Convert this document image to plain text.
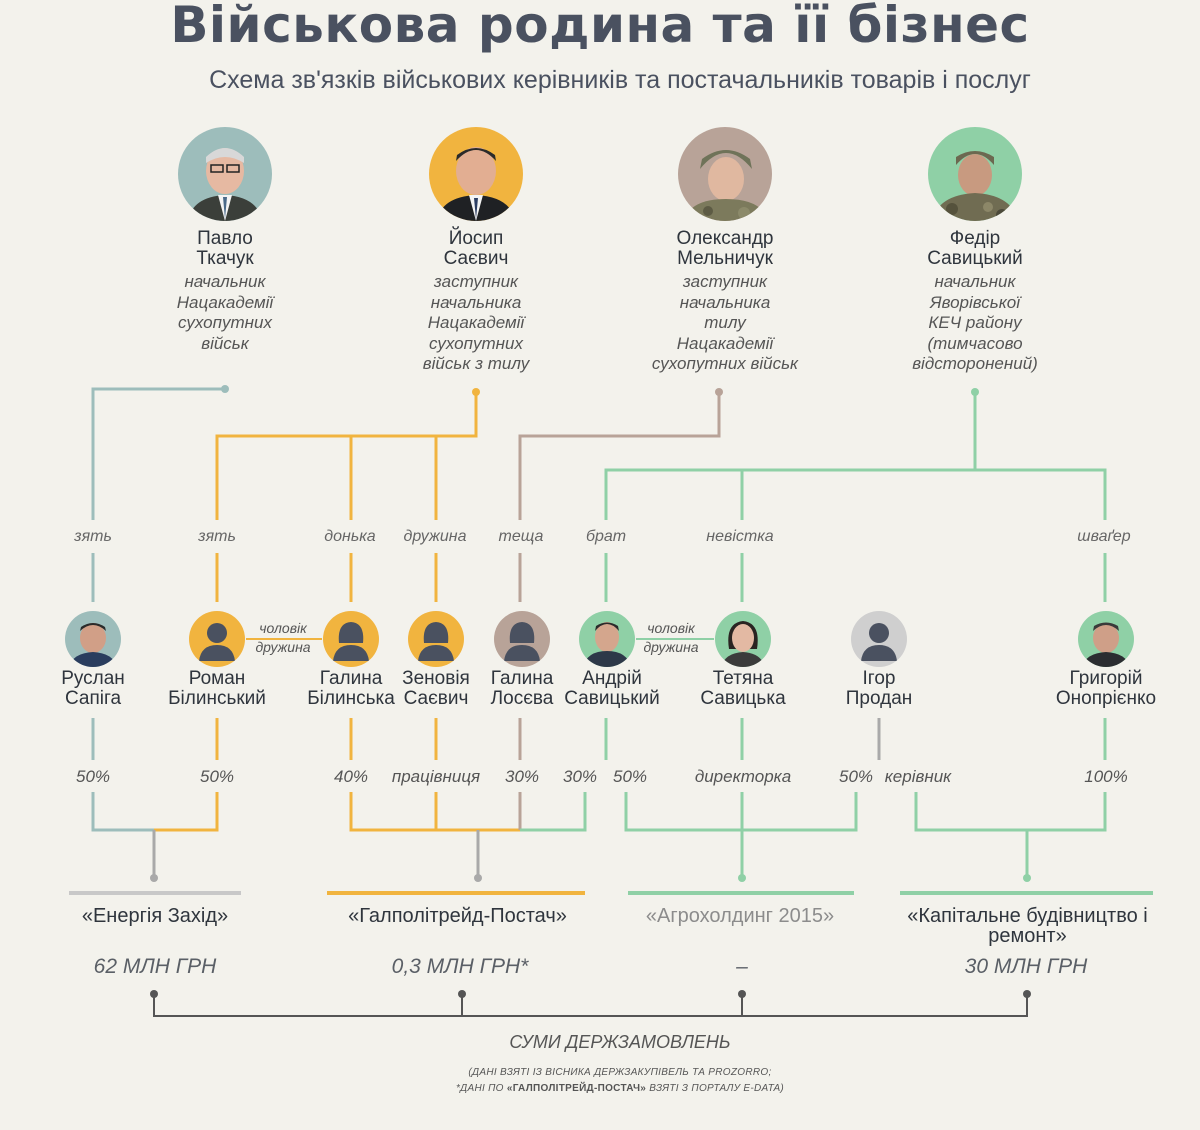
Військова родина та її бізнес
Схема зв'язків військових керівників та постачальників товарів і послуг
Павло
Ткачук
Йосип
Саєвич
Олександр
Мельничук
Федір
Савицький
начальник
Нацакадемії
сухопутних
військ
заступник
начальника
Нацакадемії
сухопутних
військ з тилу
заступник
начальника
тилу
Нацакадемії
сухопутних військ
начальник
Яворівської
КЕЧ району
(тимчасово
відсторонений)
зять	зять	донька	дружина	теща	брат	невістка	шваґер
чоловік
дружина
чоловік
дружина
Руслан
Сапіга
Роман
Білинський
Галина
Білинська
Зеновія
Саєвич
Галина
Лосєва
Андрій
Савицький
Тетяна
Савицька
Ігор
Продан
Григорій
Онопрієнко
50%	50%	40%	працівниця	30%	30% 50%	директорка	50% керівник	100%
«Енергія Захід»	«Галполітрейд-Постач»	«Агрохолдинг 2015»	«Капітальне будівництво і ремонт»
62 МЛН ГРН	0,3 МЛН ГРН*	–	30 МЛН ГРН
СУМИ ДЕРЖЗАМОВЛЕНЬ
(ДАНІ ВЗЯТІ ІЗ ВІСНИКА ДЕРЖЗАКУПІВЕЛЬ ТА PROZORRO;
*ДАНІ ПО «ГАЛПОЛІТРЕЙД-ПОСТАЧ» ВЗЯТІ З ПОРТАЛУ E-DATA)
